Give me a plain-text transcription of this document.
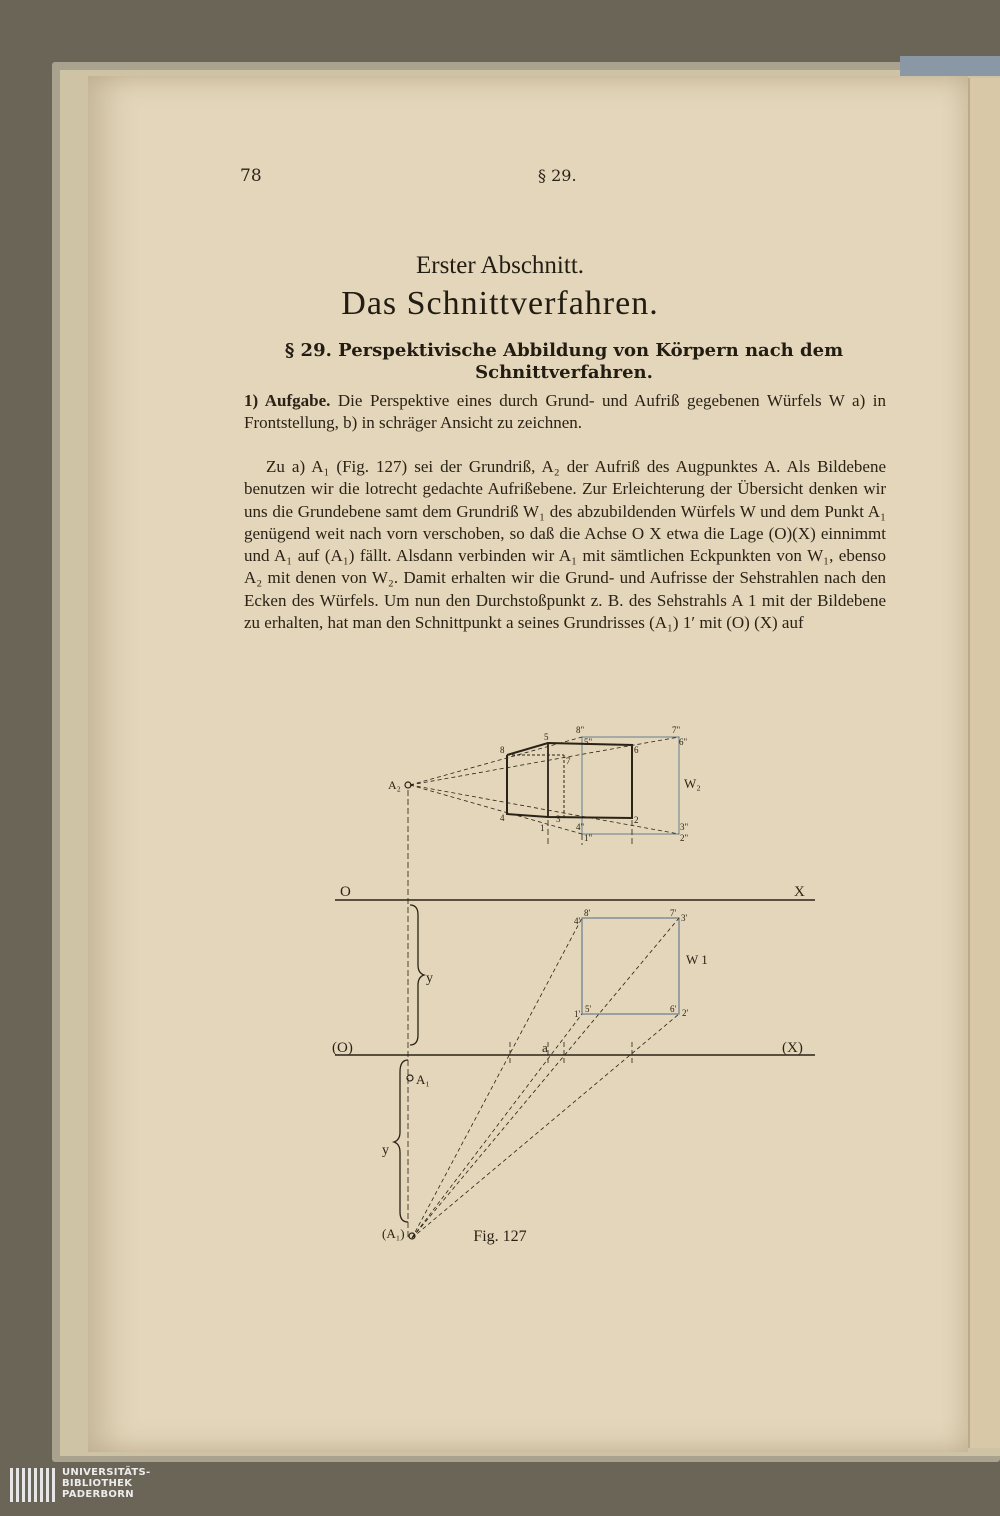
78	§ 29.
Erster Abschnitt.
Das Schnittverfahren.
§ 29. Perspektivische Abbildung von Körpern nach dem Schnittverfahren.
1) Aufgabe. Die Perspektive eines durch Grund- und Aufriß gegebenen Würfels W a) in Frontstellung, b) in schräger Ansicht zu zeichnen.
Zu a) A₁ (Fig. 127) sei der Grundriß, A₂ der Aufriß des Augpunktes A. Als Bildebene benutzen wir die lotrecht gedachte Aufrißebene. Zur Erleichterung der Übersicht denken wir uns die Grundebene samt dem Grundriß W₁ des abzubildenden Würfels W und dem Punkt A₁ genügend weit nach vorn verschoben, so daß die Achse O X etwa die Lage (O)(X) einnimmt und A₁ auf (A₁) fällt. Alsdann verbinden wir A₁ mit sämtlichen Eckpunkten von W₁, ebenso A₂ mit denen von W₂. Damit erhalten wir die Grund- und Aufrisse der Sehstrahlen nach den Ecken des Würfels. Um nun den Durchstoßpunkt z. B. des Sehstrahls A 1 mit der Bildebene zu erhalten, hat man den Schnittpunkt a seines Grundrisses (A₁) 1′ mit (O) (X) auf
O	X
(O)	(X)
A₂
A₁
(A₁)
W₂
W 1
y
y
a
8"	7"
5"	6"
3"
2"
1"
4"
8
5
7
6
4
1
3	2
8'
4'
7' 3'
5'
1'	6' 2'
Fig. 127
UNIVERSITÄTS-
BIBLIOTHEK
PADERBORN
